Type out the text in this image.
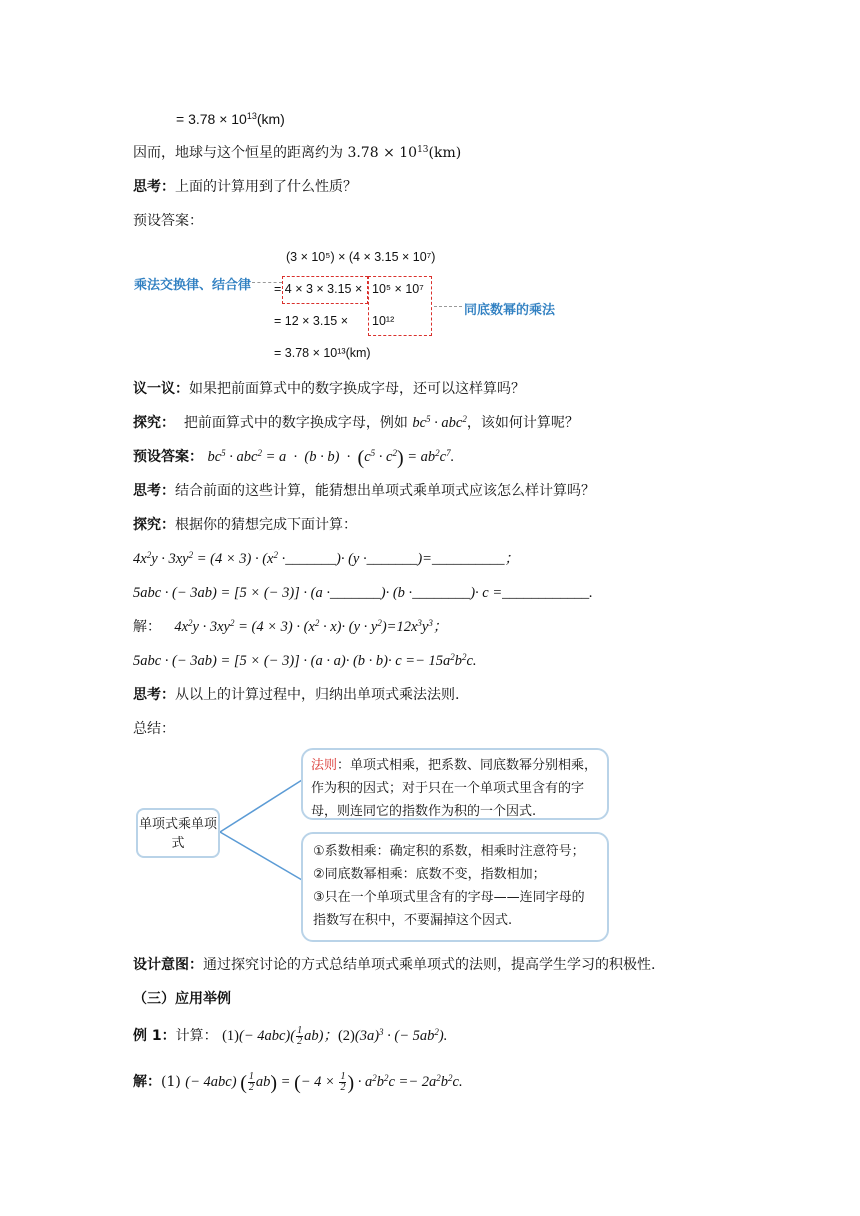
= $3.78 \times 10^{13}(km)$
因而，地球与这个恒星的距离约为 $3.78 \times 10^{13}(km)$
思考：上面的计算用到了什么性质？
预设答案：
(3 × 10⁵) × (4 × 3.15 × 10⁷)
乘法交换律、结合律 = 4 × 3 × 3.15 × 10⁵ × 10⁷
同底数幂的乘法
= 12 × 3.15 × 10¹²
= 3.78 × 10¹³(km)
议一议：如果把前面算式中的数字换成字母，还可以这样算吗？
探究： 把前面算式中的数字换成字母，例如 $bc^5 \cdot abc^2$，该如何计算呢？
预设答案： $bc^5 \cdot abc^2 = a \cdot (b \cdot b) \cdot (c^5 \cdot c^2) = ab^2c^7$.
思考：结合前面的这些计算，能猜想出单项式乘单项式应该怎么样计算吗？
探究：根据你的猜想完成下面计算：
$4x^2y \cdot 3xy^2 = (4 \times 3) \cdot (x^2$ ·_______)· (y ·_______)=__________；
5abc · (− 3ab) = [5 × (− 3)] · (a ·_______)· (b ·________)· c =____________.
解： $4x^2y \cdot 3xy^2 = (4 \times 3) \cdot (x^2 \cdot x)\cdot (y \cdot y^2)=12x^3y^3$；
5abc · (− 3ab) = [5 × (− $3)] \cdot (a \cdot a)\cdot (b \cdot b)\cdot c =- 15a^2b^2c$.
思考：从以上的计算过程中，归纳出单项式乘法法则.
总结：
单项式乘单项式
法则：单项式相乘，把系数、同底数幂分别相乘，作为积的因式；对于只在一个单项式里含有的字母，则连同它的指数作为积的一个因式.
①系数相乘：确定积的系数，相乘时注意符号；
②同底数幂相乘：底数不变，指数相加；
③只在一个单项式里含有的字母——连同字母的指数写在积中，不要漏掉这个因式.
设计意图：通过探究讨论的方式总结单项式乘单项式的法则，提高学生学习的积极性.
（三）应用举例
例 1：计算： $(1)(- 4abc)( \frac{1}{2} ab)$；$(2)(3a)^3$ · (− $5ab^2$).
解：(1) (− 4abc) ( $\frac{1}{2} ab$) = (− $4 \times \frac{1}{2}$ ) · $a^2b^2c =- 2a^2b^2c$.
